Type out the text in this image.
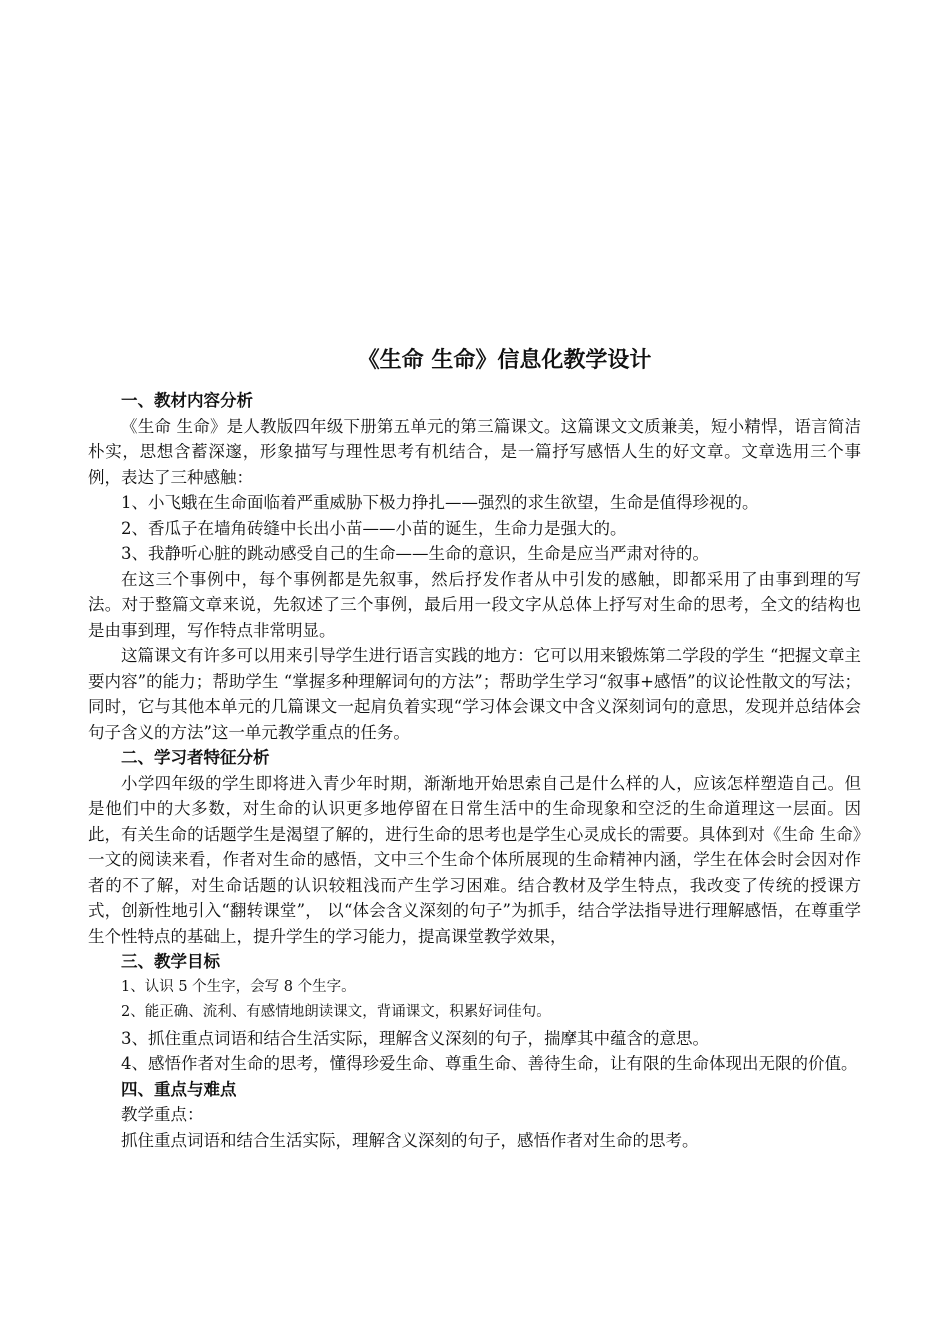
《生命 生命》信息化教学设计
一、教材内容分析

《生命 生命》是人教版四年级下册第五单元的第三篇课文。这篇课文文质兼美，短小精悍，语言简洁朴实，思想含蓄深邃，形象描写与理性思考有机结合，是一篇抒写感悟人生的好文章。文章选用三个事例，表达了三种感触：

1、小飞蛾在生命面临着严重威胁下极力挣扎——强烈的求生欲望，生命是值得珍视的。

2、香瓜子在墙角砖缝中长出小苗——小苗的诞生，生命力是强大的。

3、我静听心脏的跳动感受自己的生命——生命的意识，生命是应当严肃对待的。

在这三个事例中，每个事例都是先叙事，然后抒发作者从中引发的感触，即都采用了由事到理的写法。对于整篇文章来说，先叙述了三个事例，最后用一段文字从总体上抒写对生命的思考，全文的结构也是由事到理，写作特点非常明显。

这篇课文有许多可以用来引导学生进行语言实践的地方：它可以用来锻炼第二学段的学生 “把握文章主要内容”的能力；帮助学生 “掌握多种理解词句的方法”；帮助学生学习“叙事+感悟”的议论性散文的写法；同时，它与其他本单元的几篇课文一起肩负着实现“学习体会课文中含义深刻词句的意思，发现并总结体会句子含义的方法”这一单元教学重点的任务。

二、学习者特征分析

小学四年级的学生即将进入青少年时期，渐渐地开始思索自己是什么样的人，应该怎样塑造自己。但是他们中的大多数，对生命的认识更多地停留在日常生活中的生命现象和空泛的生命道理这一层面。因此，有关生命的话题学生是渴望了解的，进行生命的思考也是学生心灵成长的需要。具体到对《生命 生命》一文的阅读来看，作者对生命的感悟，文中三个生命个体所展现的生命精神内涵，学生在体会时会因对作者的不了解，对生命话题的认识较粗浅而产生学习困难。结合教材及学生特点，我改变了传统的授课方式，创新性地引入“翻转课堂”， 以“体会含义深刻的句子”为抓手，结合学法指导进行理解感悟，在尊重学生个性特点的基础上，提升学生的学习能力，提高课堂教学效果，

三、教学目标

1、认识 5 个生字，会写 8 个生字。

2、能正确、流利、有感情地朗读课文，背诵课文，积累好词佳句。

3、抓住重点词语和结合生活实际，理解含义深刻的句子，揣摩其中蕴含的意思。

4、感悟作者对生命的思考，懂得珍爱生命、尊重生命、善待生命，让有限的生命体现出无限的价值。

四、重点与难点

教学重点：

抓住重点词语和结合生活实际，理解含义深刻的句子，感悟作者对生命的思考。
